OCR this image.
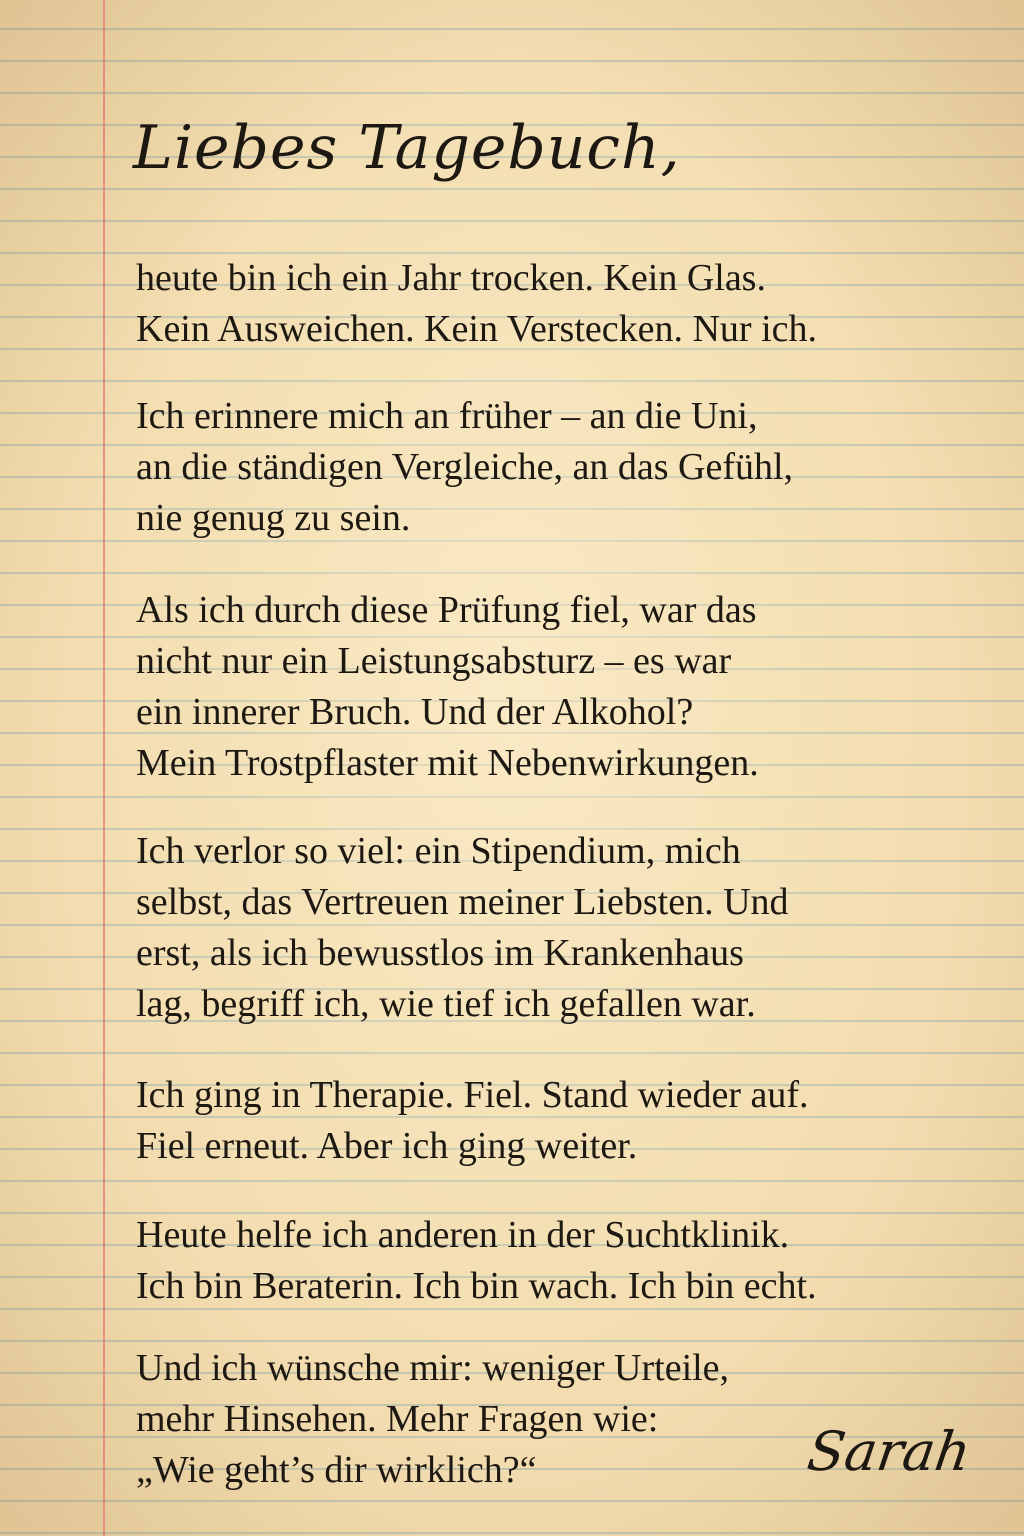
Liebes Tagebuch,

heute bin ich ein Jahr trocken. Kein Glas.
Kein Ausweichen. Kein Verstecken. Nur ich.

Ich erinnere mich an früher – an die Uni,
an die ständigen Vergleiche, an das Gefühl,
nie genug zu sein.

Als ich durch diese Prüfung fiel, war das
nicht nur ein Leistungsabsturz – es war
ein innerer Bruch. Und der Alkohol?
Mein Trostpflaster mit Nebenwirkungen.

Ich verlor so viel: ein Stipendium, mich
selbst, das Vertreuen meiner Liebsten. Und
erst, als ich bewusstlos im Krankenhaus
lag, begriff ich, wie tief ich gefallen war.

Ich ging in Therapie. Fiel. Stand wieder auf.
Fiel erneut. Aber ich ging weiter.

Heute helfe ich anderen in der Suchtklinik.
Ich bin Beraterin. Ich bin wach. Ich bin echt.

Und ich wünsche mir: weniger Urteile,
mehr Hinsehen. Mehr Fragen wie:
„Wie geht’s dir wirklich?“	Sarah
